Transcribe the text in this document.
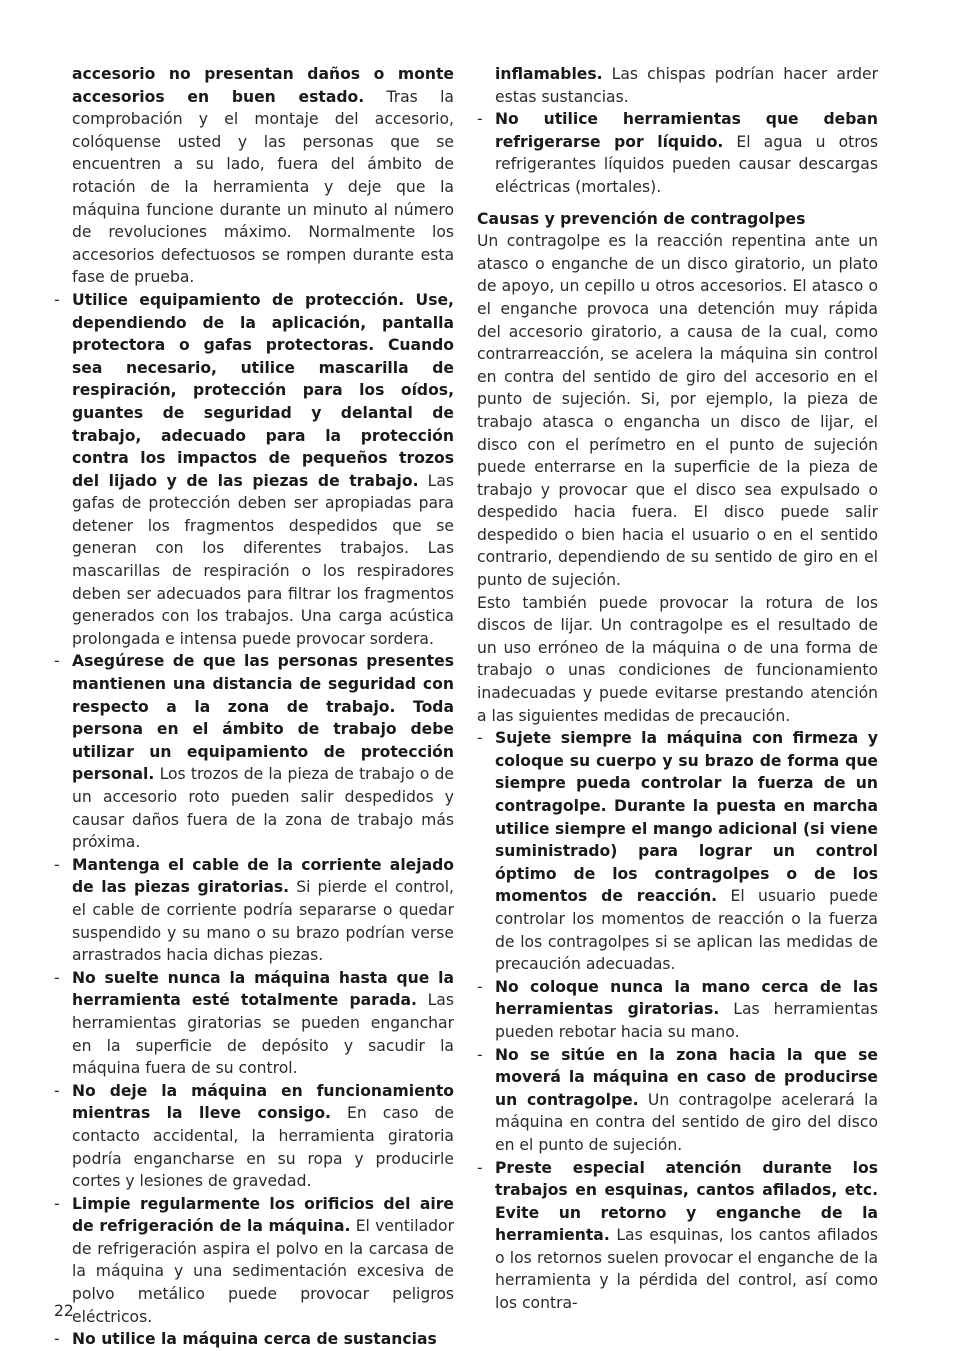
accesorio no presentan daños o monte accesorios en buen estado. Tras la comprobación y el montaje del accesorio, colóquense usted y las personas que se encuentren a su lado, fuera del ámbito de rotación de la herramienta y deje que la máquina funcione durante un minuto al número de revoluciones máximo. Normalmente los accesorios defectuosos se rompen durante esta fase de prueba.

- Utilice equipamiento de protección. Use, dependiendo de la aplicación, pantalla protectora o gafas protectoras. Cuando sea necesario, utilice mascarilla de respiración, protección para los oídos, guantes de seguridad y delantal de trabajo, adecuado para la protección contra los impactos de pequeños trozos del lijado y de las piezas de trabajo. Las gafas de protección deben ser apropiadas para detener los fragmentos despedidos que se generan con los diferentes trabajos. Las mascarillas de respiración o los respiradores deben ser adecuados para filtrar los fragmentos generados con los trabajos. Una carga acústica prolongada e intensa puede provocar sordera.

- Asegúrese de que las personas presentes mantienen una distancia de seguridad con respecto a la zona de trabajo. Toda persona en el ámbito de trabajo debe utilizar un equipamiento de protección personal. Los trozos de la pieza de trabajo o de un accesorio roto pueden salir despedidos y causar daños fuera de la zona de trabajo más próxima.

- Mantenga el cable de la corriente alejado de las piezas giratorias. Si pierde el control, el cable de corriente podría separarse o quedar suspendido y su mano o su brazo podrían verse arrastrados hacia dichas piezas.

- No suelte nunca la máquina hasta que la herramienta esté totalmente parada. Las herramientas giratorias se pueden enganchar en la superficie de depósito y sacudir la máquina fuera de su control.

- No deje la máquina en funcionamiento mientras la lleve consigo. En caso de contacto accidental, la herramienta giratoria podría engancharse en su ropa y producirle cortes y lesiones de gravedad.

- Limpie regularmente los orificios del aire de refrigeración de la máquina. El ventilador de refrigeración aspira el polvo en la carcasa de la máquina y una sedimentación excesiva de polvo metálico puede provocar peligros eléctricos.

- No utilice la máquina cerca de sustancias

inflamables. Las chispas podrían hacer arder estas sustancias.

- No utilice herramientas que deban refrigerarse por líquido. El agua u otros refrigerantes líquidos pueden causar descargas eléctricas (mortales).

Causas y prevención de contragolpes

Un contragolpe es la reacción repentina ante un atasco o enganche de un disco giratorio, un plato de apoyo, un cepillo u otros accesorios. El atasco o el enganche provoca una detención muy rápida del accesorio giratorio, a causa de la cual, como contrarreacción, se acelera la máquina sin control en contra del sentido de giro del accesorio en el punto de sujeción. Si, por ejemplo, la pieza de trabajo atasca o engancha un disco de lijar, el disco con el perímetro en el punto de sujeción puede enterrarse en la superficie de la pieza de trabajo y provocar que el disco sea expulsado o despedido hacia fuera. El disco puede salir despedido o bien hacia el usuario o en el sentido contrario, dependiendo de su sentido de giro en el punto de sujeción.

Esto también puede provocar la rotura de los discos de lijar. Un contragolpe es el resultado de un uso erróneo de la máquina o de una forma de trabajo o unas condiciones de funcionamiento inadecuadas y puede evitarse prestando atención a las siguientes medidas de precaución.

- Sujete siempre la máquina con firmeza y coloque su cuerpo y su brazo de forma que siempre pueda controlar la fuerza de un contragolpe. Durante la puesta en marcha utilice siempre el mango adicional (si viene suministrado) para lograr un control óptimo de los contragolpes o de los momentos de reacción. El usuario puede controlar los momentos de reacción o la fuerza de los contragolpes si se aplican las medidas de precaución adecuadas.

- No coloque nunca la mano cerca de las herramientas giratorias. Las herramientas pueden rebotar hacia su mano.

- No se sitúe en la zona hacia la que se moverá la máquina en caso de producirse un contragolpe. Un contragolpe acelerará la máquina en contra del sentido de giro del disco en el punto de sujeción.

- Preste especial atención durante los trabajos en esquinas, cantos afilados, etc. Evite un retorno y enganche de la herramienta. Las esquinas, los cantos afilados o los retornos suelen provocar el enganche de la herramienta y la pérdida del control, así como los contra-

22
